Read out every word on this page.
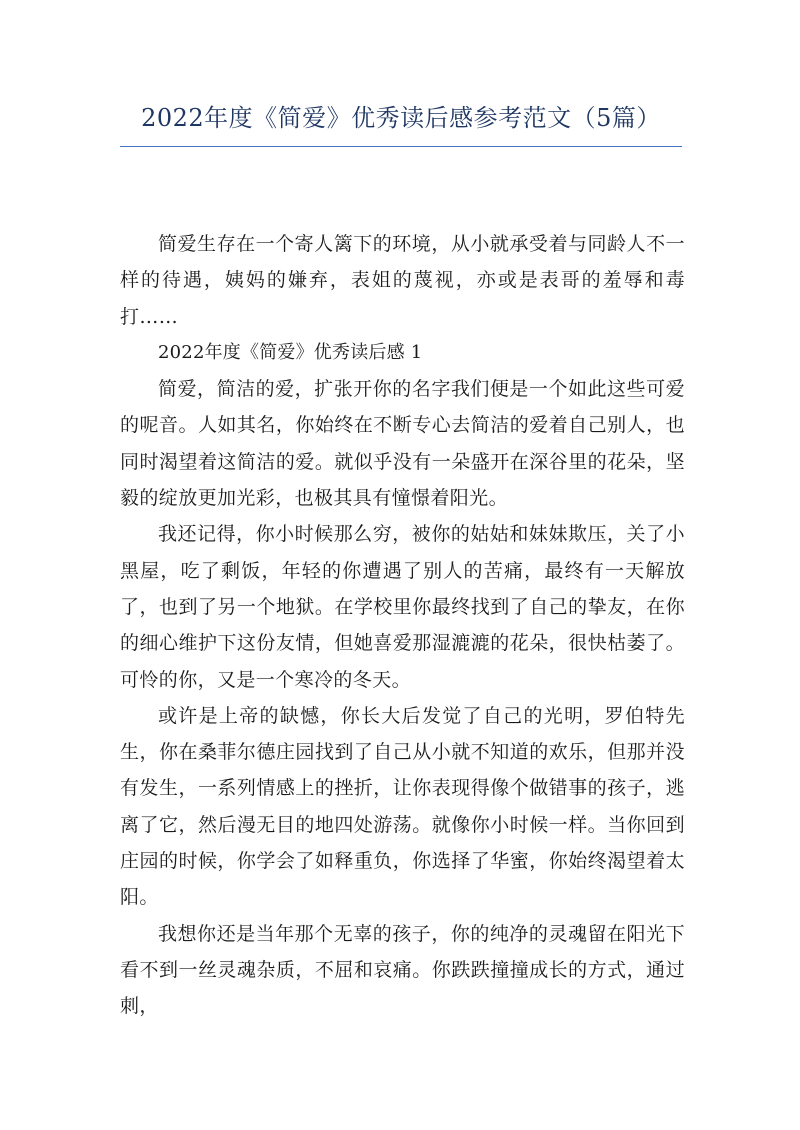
2022年度《简爱》优秀读后感参考范文（5篇）

简爱生存在一个寄人篱下的环境，从小就承受着与同龄人不一样的待遇，姨妈的嫌弃，表姐的蔑视，亦或是表哥的羞辱和毒打……

2022年度《简爱》优秀读后感 1

简爱，简洁的爱，扩张开你的名字我们便是一个如此这些可爱的呢音。人如其名，你始终在不断专心去简洁的爱着自己别人，也同时渴望着这简洁的爱。就似乎没有一朵盛开在深谷里的花朵，坚毅的绽放更加光彩，也极其具有憧憬着阳光。

我还记得，你小时候那么穷，被你的姑姑和妹妹欺压，关了小黑屋，吃了剩饭，年轻的你遭遇了别人的苦痛，最终有一天解放了，也到了另一个地狱。在学校里你最终找到了自己的挚友，在你的细心维护下这份友情，但她喜爱那湿漉漉的花朵，很快枯萎了。可怜的你，又是一个寒冷的冬天。

或许是上帝的缺憾，你长大后发觉了自己的光明，罗伯特先生，你在桑菲尔德庄园找到了自己从小就不知道的欢乐，但那并没有发生，一系列情感上的挫折，让你表现得像个做错事的孩子，逃离了它，然后漫无目的地四处游荡。就像你小时候一样。当你回到庄园的时候，你学会了如释重负，你选择了华蜜，你始终渴望着太阳。

我想你还是当年那个无辜的孩子，你的纯净的灵魂留在阳光下看不到一丝灵魂杂质，不屈和哀痛。你跌跌撞撞成长的方式，通过刺，
